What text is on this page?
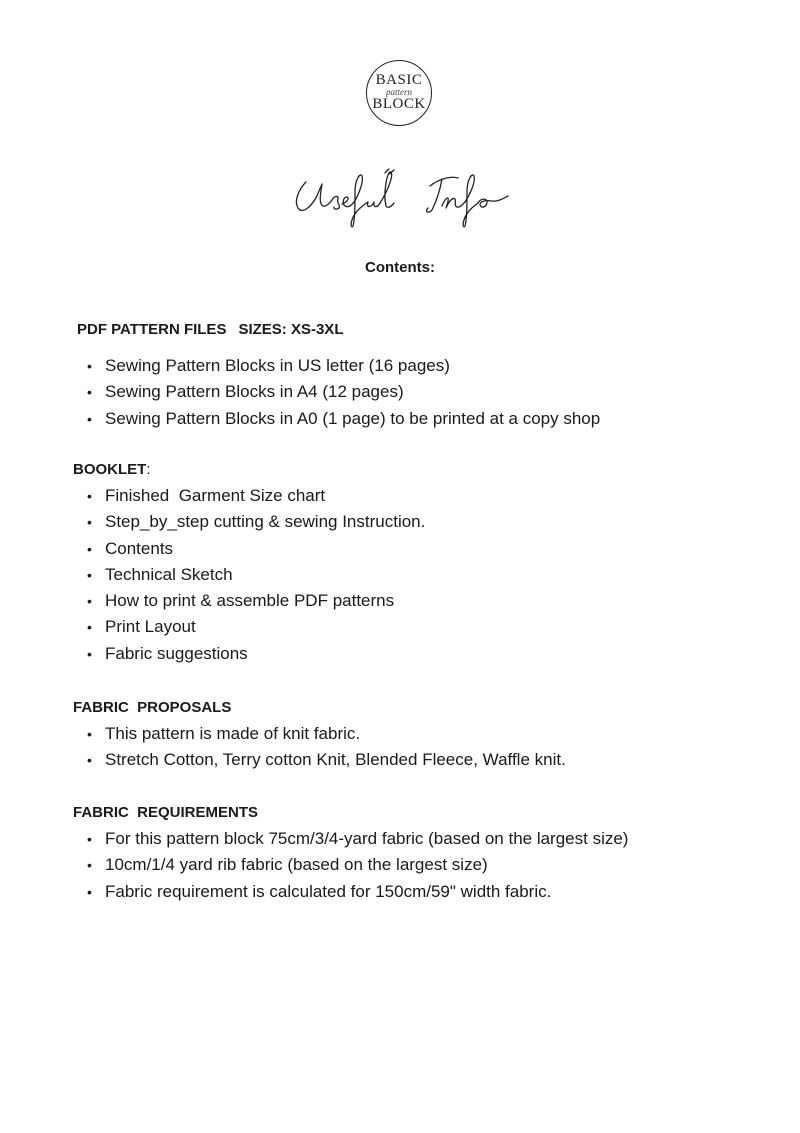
BASIC
pattern
BLOCK
Contents:
PDF PATTERN FILES SIZES: XS-3XL
• Sewing Pattern Blocks in US letter (16 pages)
• Sewing Pattern Blocks in A4 (12 pages)
• Sewing Pattern Blocks in A0 (1 page) to be printed at a copy shop
BOOKLET:
• Finished  Garment Size chart
• Step_by_step cutting & sewing Instruction.
• Contents
• Technical Sketch
• How to print & assemble PDF patterns
• Print Layout
• Fabric suggestions
FABRIC  PROPOSALS
• This pattern is made of knit fabric.
• Stretch Cotton, Terry cotton Knit, Blended Fleece, Waffle knit.
FABRIC  REQUIREMENTS
• For this pattern block 75cm/3/4-yard fabric (based on the largest size)
• 10cm/1/4 yard rib fabric (based on the largest size)
• Fabric requirement is calculated for 150cm/59" width fabric.
